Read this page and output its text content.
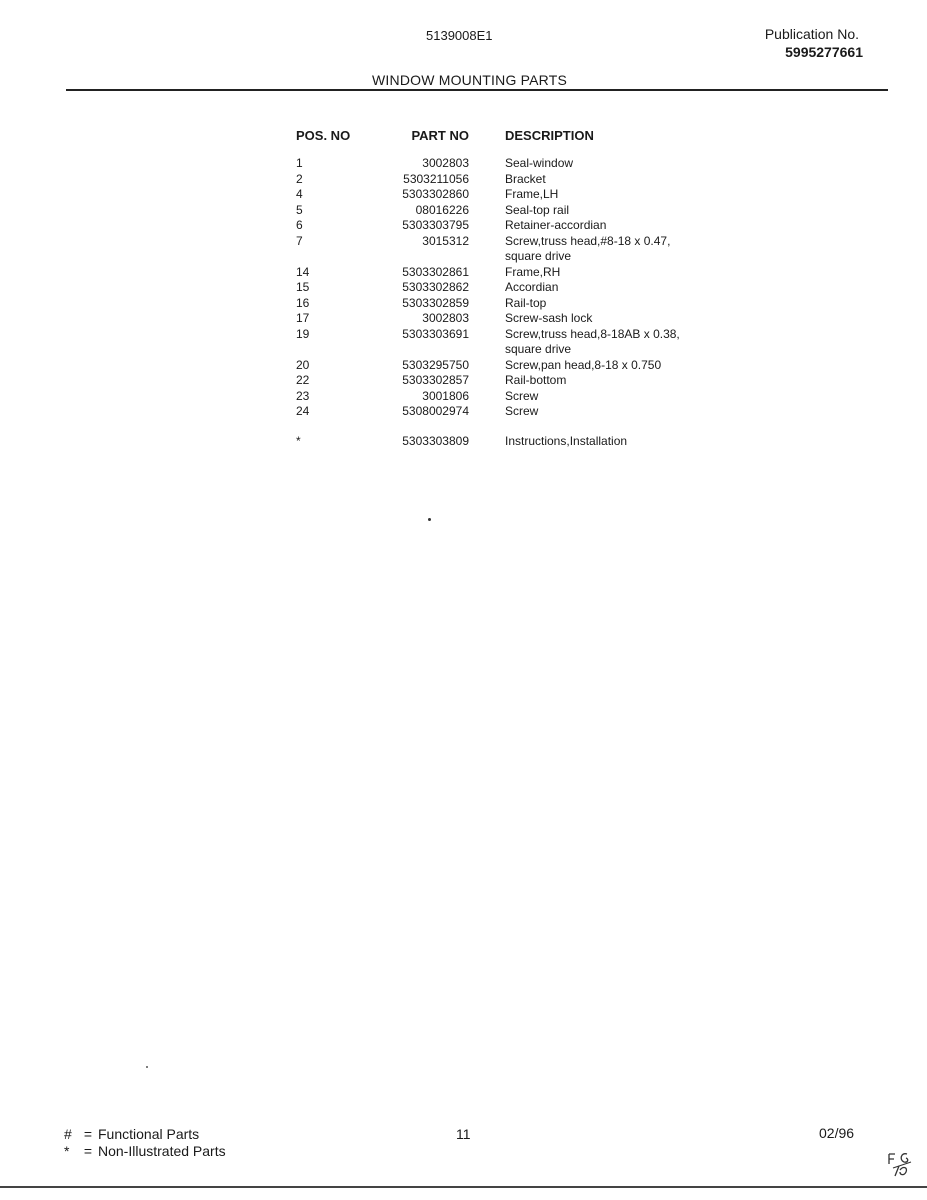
5139008E1	Publication No.
5995277661
WINDOW MOUNTING PARTS
POS. NO	PART NO	DESCRIPTION
1	3002803	Seal-window
2	5303211056	Bracket
4	5303302860	Frame,LH
5	08016226	Seal-top rail
6	5303303795	Retainer-accordian
7	3015312	Screw,truss head,#8-18 x 0.47,
		square drive
14	5303302861	Frame,RH
15	5303302862	Accordian
16	5303302859	Rail-top
17	3002803	Screw-sash lock
19	5303303691	Screw,truss head,8-18AB x 0.38,
		square drive
20	5303295750	Screw,pan head,8-18 x 0.750
22	5303302857	Rail-bottom
23	3001806	Screw
24	5308002974	Screw
*	5303303809	Instructions,Installation
# = Functional Parts
*	= Non-Illustrated Parts
11	02/96
